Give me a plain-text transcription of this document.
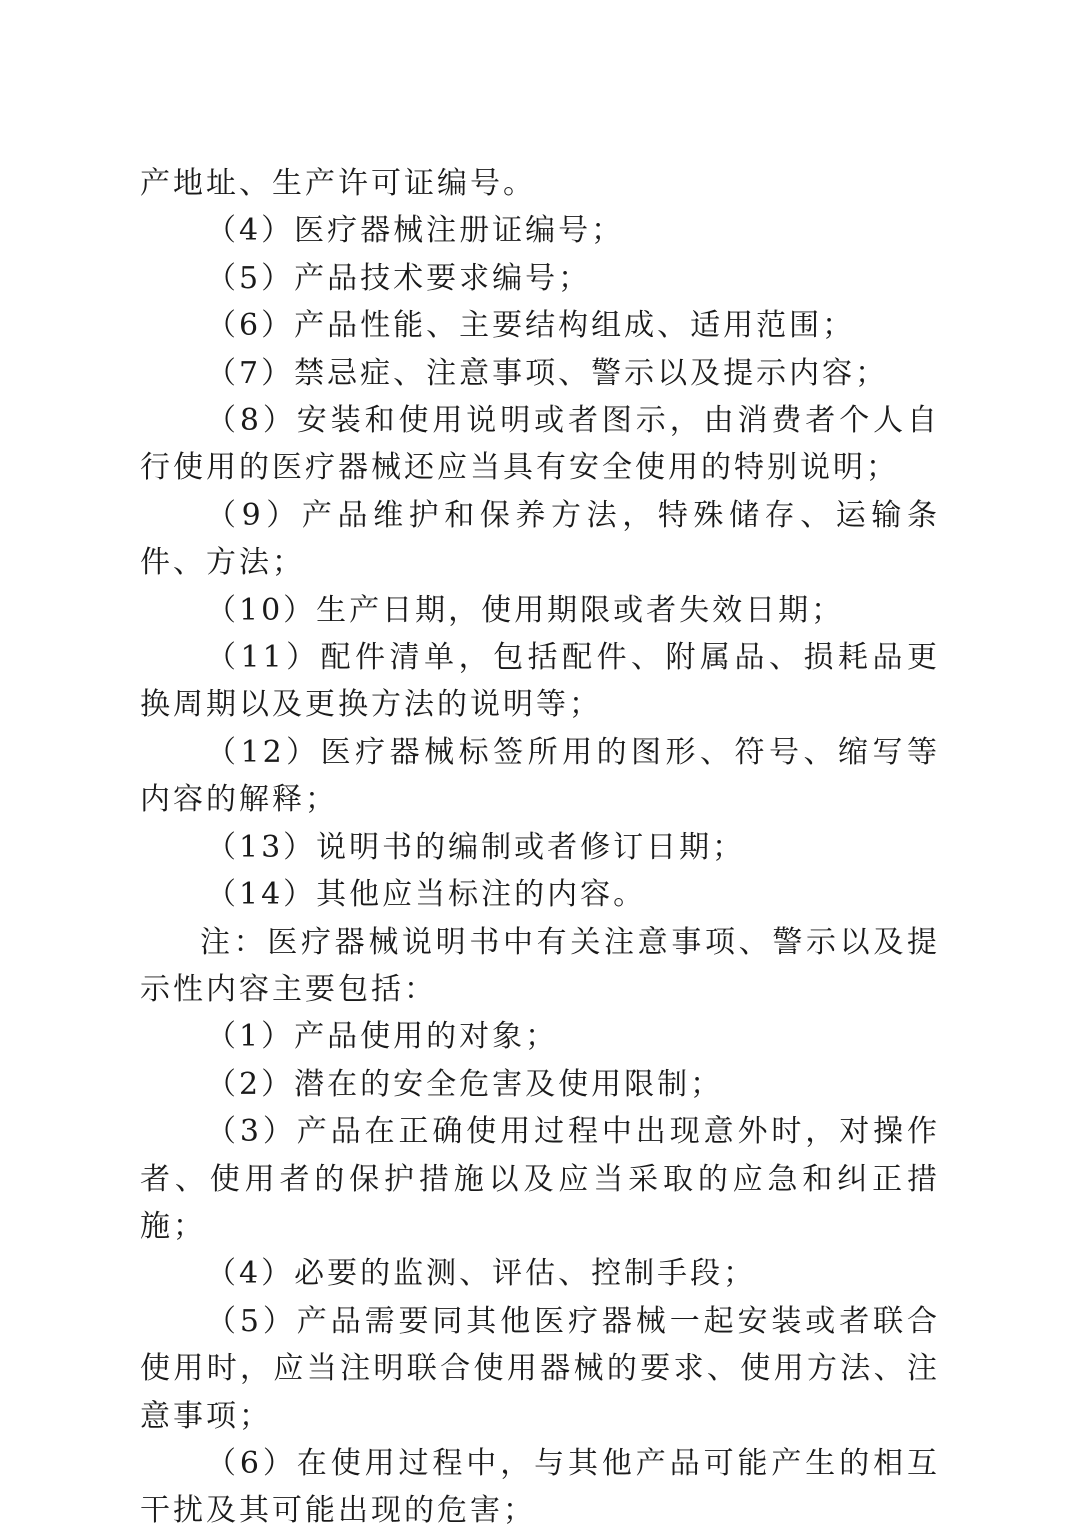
产地址、生产许可证编号。

（4）医疗器械注册证编号；

（5）产品技术要求编号；

（6）产品性能、主要结构组成、适用范围；

（7）禁忌症、注意事项、警示以及提示内容；

（8）安装和使用说明或者图示，由消费者个人自行使用的医疗器械还应当具有安全使用的特别说明；

（9）产品维护和保养方法，特殊储存、运输条件、方法；

（10）生产日期，使用期限或者失效日期；

（11）配件清单，包括配件、附属品、损耗品更换周期以及更换方法的说明等；

（12）医疗器械标签所用的图形、符号、缩写等内容的解释；

（13）说明书的编制或者修订日期；

（14）其他应当标注的内容。

注：医疗器械说明书中有关注意事项、警示以及提示性内容主要包括：

（1）产品使用的对象；

（2）潜在的安全危害及使用限制；

（3）产品在正确使用过程中出现意外时，对操作者、使用者的保护措施以及应当采取的应急和纠正措施；

（4）必要的监测、评估、控制手段；

（5）产品需要同其他医疗器械一起安装或者联合使用时，应当注明联合使用器械的要求、使用方法、注意事项；

（6）在使用过程中，与其他产品可能产生的相互干扰及其可能出现的危害；
